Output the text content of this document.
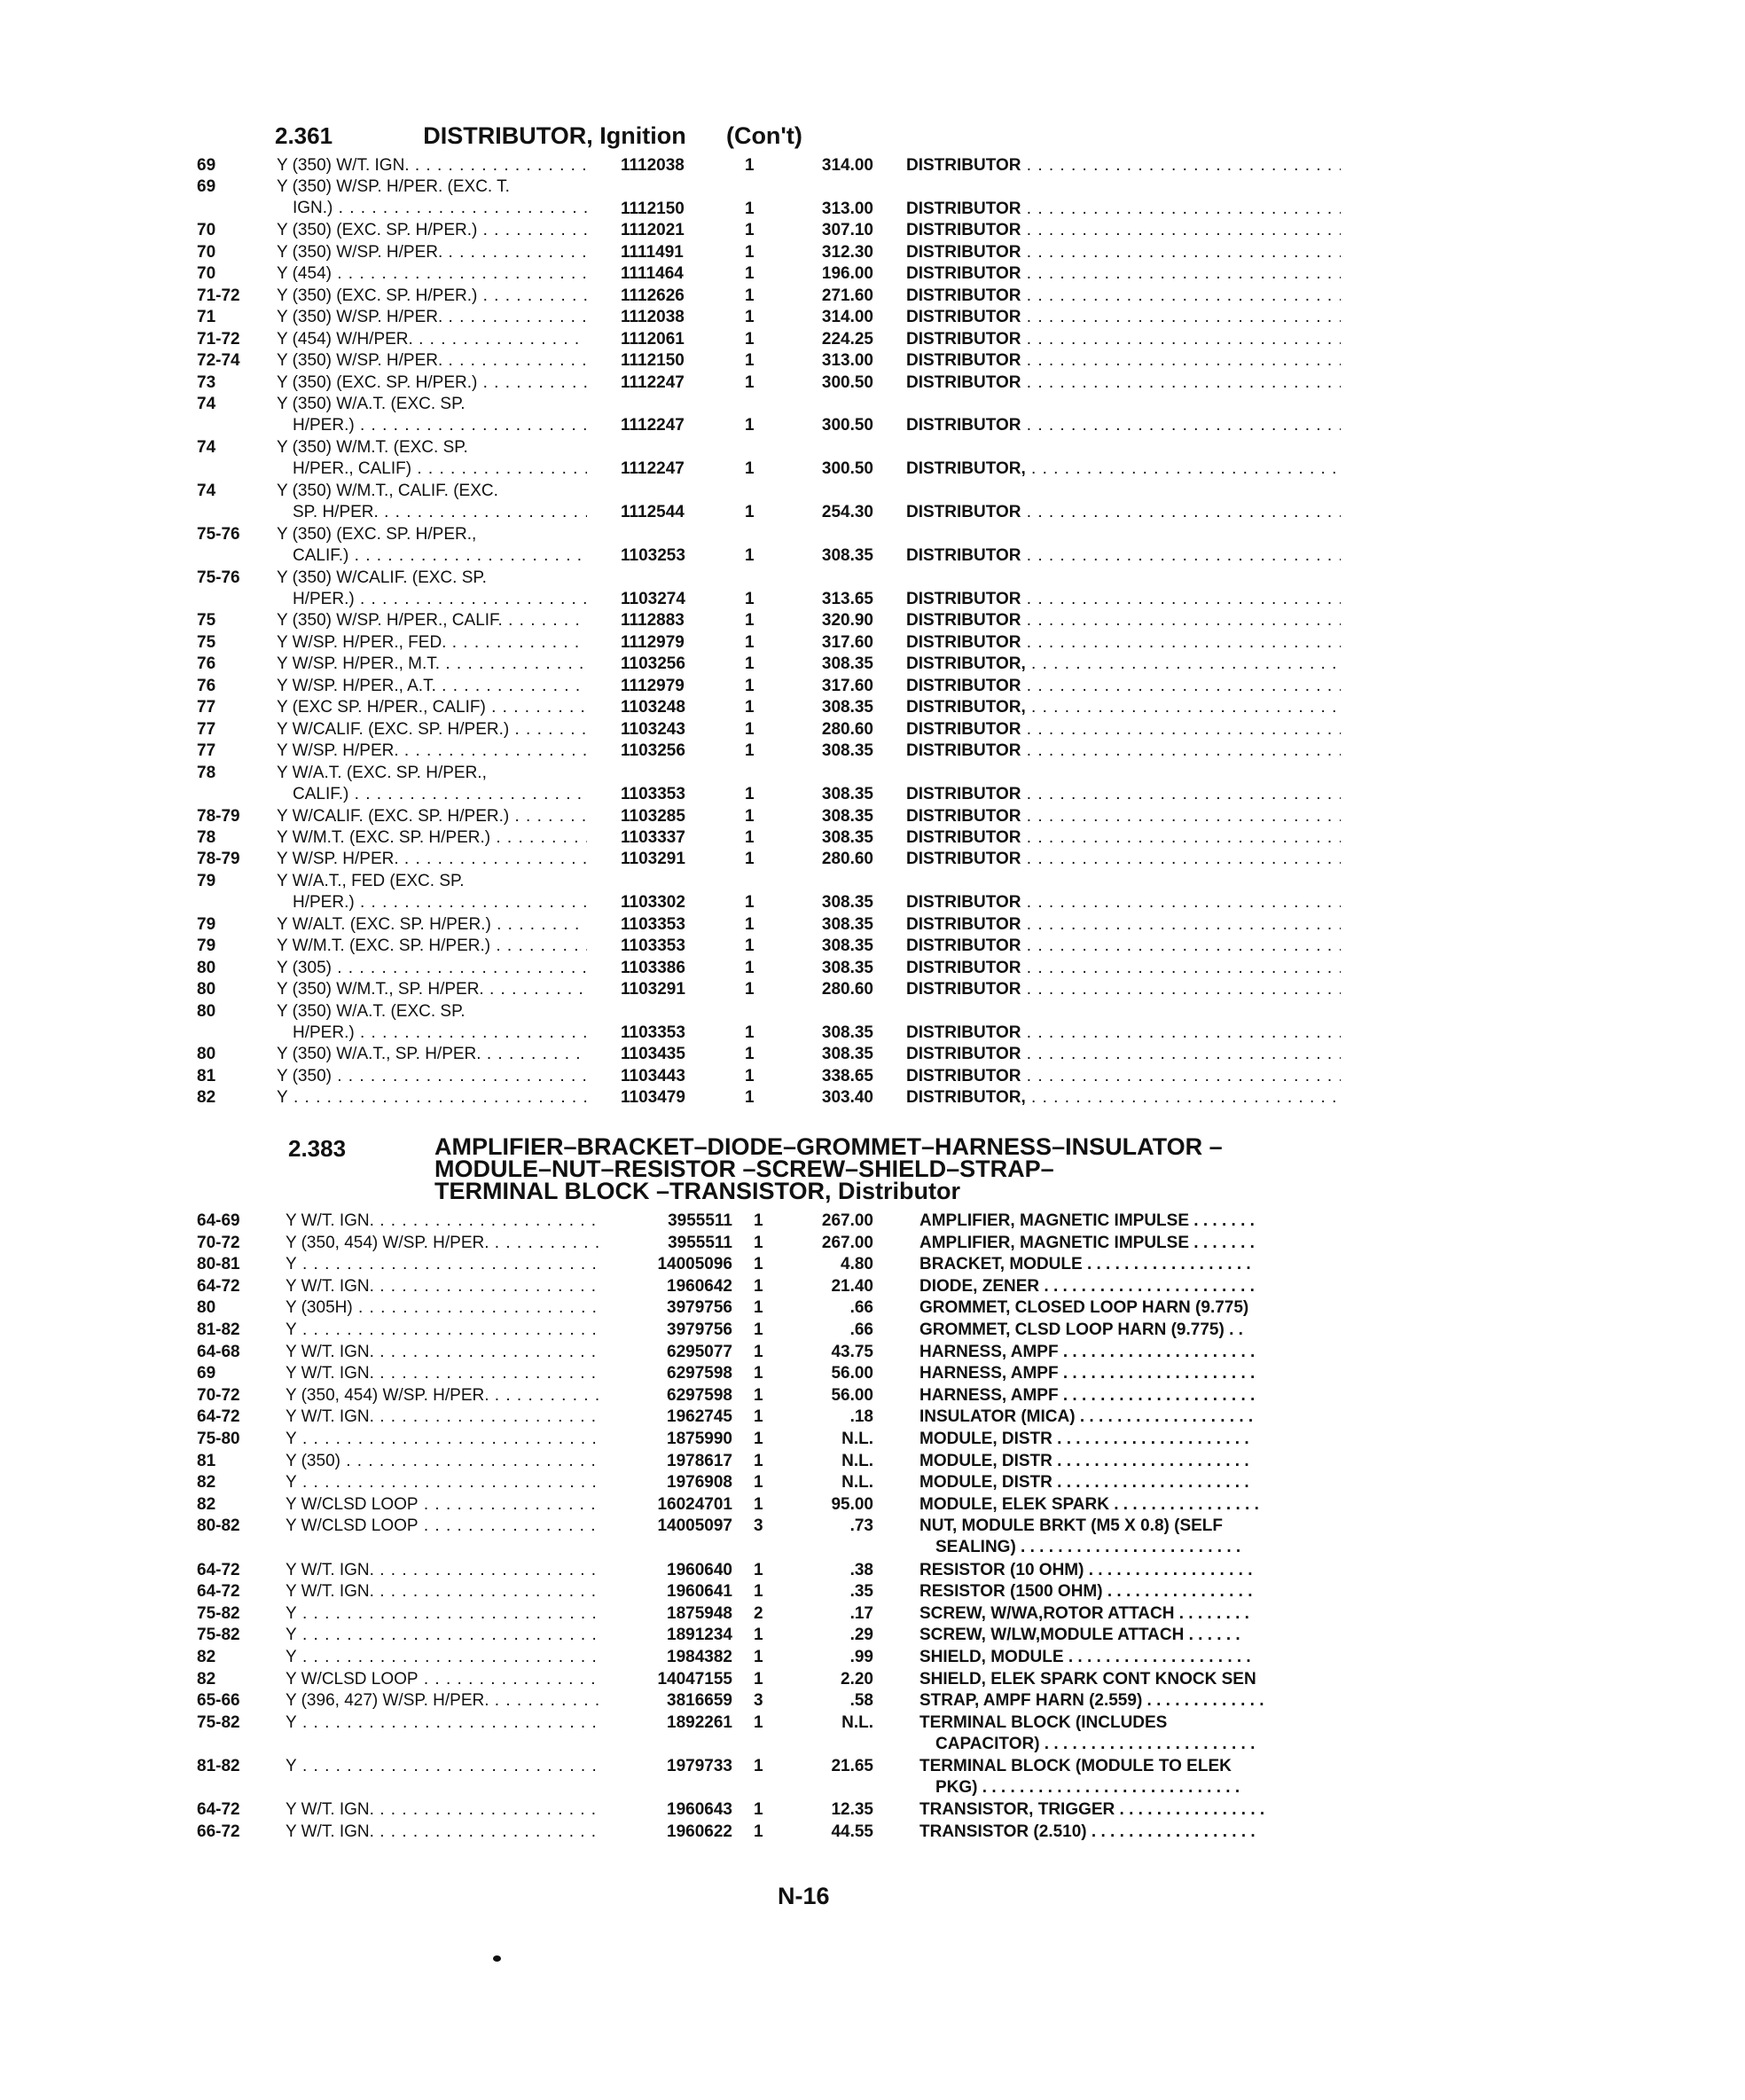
2.361	DISTRIBUTOR, Ignition (Con't)
69	Y (350) W/T. IGN. . . .	1112038	1	314.00 DISTRIBUTOR . . .
69	Y (350) W/SP. H/PER. (EXC. T.
IGN.) . . .	1112150	1	313.00 DISTRIBUTOR . . .
70	Y (350) (EXC. SP. H/PER.) . . .	1112021	1	307.10 DISTRIBUTOR . . .
70	Y (350) W/SP. H/PER. . . .	1111491	1	312.30 DISTRIBUTOR . . .
70	Y (454) . . .	1111464	1	196.00 DISTRIBUTOR . . .
71-72 Y (350) (EXC. SP. H/PER.) . . .	1112626	1	271.60 DISTRIBUTOR . . .
71	Y (350) W/SP. H/PER. . . .	1112038	1	314.00 DISTRIBUTOR . . .
71-72 Y (454) W/H/PER. . . .	1112061	1	224.25 DISTRIBUTOR . . .
72-74 Y (350) W/SP. H/PER. . . .	1112150	1	313.00 DISTRIBUTOR . . .
73	Y (350) (EXC. SP. H/PER.) . . .	1112247	1	300.50 DISTRIBUTOR . . .
74	Y (350) W/A.T. (EXC. SP.
H/PER.) . . .	1112247	1	300.50 DISTRIBUTOR . . .
74	Y (350) W/M.T. (EXC. SP.
H/PER., CALIF) . . .	1112247	1	300.50 DISTRIBUTOR, . . .
74	Y (350) W/M.T., CALIF. (EXC.
SP. H/PER. . . .	1112544	1	254.30 DISTRIBUTOR . . .
75-76 Y (350) (EXC. SP. H/PER.,
CALIF.) . . .	1103253	1	308.35 DISTRIBUTOR . . .
75-76 Y (350) W/CALIF. (EXC. SP.
H/PER.) . . .	1103274	1	313.65 DISTRIBUTOR . . .
75	Y (350) W/SP. H/PER., CALIF. . . .	1112883	1	320.90 DISTRIBUTOR . . .
75	Y W/SP. H/PER., FED. . . .	1112979	1	317.60 DISTRIBUTOR . . .
76	Y W/SP. H/PER., M.T. . . .	1103256	1	308.35 DISTRIBUTOR, . . .
76	Y W/SP. H/PER., A.T. . . .	1112979	1	317.60 DISTRIBUTOR . . .
77	Y (EXC SP. H/PER., CALIF) . . .	1103248	1	308.35 DISTRIBUTOR, . . .
77	Y W/CALIF. (EXC. SP. H/PER.) . . .	1103243	1	280.60 DISTRIBUTOR . . .
77	Y W/SP. H/PER. . . .	1103256	1	308.35 DISTRIBUTOR . . .
78	Y W/A.T. (EXC. SP. H/PER.,
CALIF.) . . .	1103353	1	308.35 DISTRIBUTOR . . .
78-79 Y W/CALIF. (EXC. SP. H/PER.) . . .	1103285	1	308.35 DISTRIBUTOR . . .
78	Y W/M.T. (EXC. SP. H/PER.) . . .	1103337	1	308.35 DISTRIBUTOR . . .
78-79 Y W/SP. H/PER. . . .	1103291	1	280.60 DISTRIBUTOR . . .
79	Y W/A.T., FED (EXC. SP.
H/PER.) . . .	1103302	1	308.35 DISTRIBUTOR . . .
79	Y W/ALT. (EXC. SP. H/PER.) . . .	1103353	1	308.35 DISTRIBUTOR . . .
79	Y W/M.T. (EXC. SP. H/PER.) . . .	1103353	1	308.35 DISTRIBUTOR . . .
80	Y (305) . . .	1103386	1	308.35 DISTRIBUTOR . . .
80	Y (350) W/M.T., SP. H/PER. . . .	1103291	1	280.60 DISTRIBUTOR . . .
80	Y (350) W/A.T. (EXC. SP.
H/PER.) . . .	1103353	1	308.35 DISTRIBUTOR . . .
80	Y (350) W/A.T., SP. H/PER. . . .	1103435	1	308.35 DISTRIBUTOR . . .
81	Y (350) . . .	1103443	1	338.65 DISTRIBUTOR . . .
82	Y . . .	1103479	1	303.40 DISTRIBUTOR, . . .
2.383	AMPLIFIER–BRACKET–DIODE–GROMMET–HARNESS–INSULATOR –
MODULE–NUT–RESISTOR –SCREW–SHIELD–STRAP–
TERMINAL BLOCK –TRANSISTOR, Distributor
64-69	Y W/T. IGN. . . .	3955511 1	267.00	AMPLIFIER, MAGNETIC IMPULSE . . . . . . .
70-72	Y (350, 454) W/SP. H/PER. . . .	3955511 1	267.00	AMPLIFIER, MAGNETIC IMPULSE . . . . . . .
80-81	Y . . .	14005096 1	4.80	BRACKET, MODULE . . . . . . . . . . . . . . . . . .
64-72	Y W/T. IGN. . . .	1960642 1	21.40	DIODE, ZENER . . . . . . . . . . . . . . . . . . . . . . .
80	Y (305H) . . .	3979756 1	.66	GROMMET, CLOSED LOOP HARN (9.775)
81-82	Y . . .	3979756 1	.66	GROMMET, CLSD LOOP HARN (9.775) . .
64-68	Y W/T. IGN. . . .	6295077 1	43.75	HARNESS, AMPF . . . . . . . . . . . . . . . . . . . . .
69	Y W/T. IGN. . . .	6297598 1	56.00	HARNESS, AMPF . . . . . . . . . . . . . . . . . . . . .
70-72	Y (350, 454) W/SP. H/PER. . . .	6297598 1	56.00	HARNESS, AMPF . . . . . . . . . . . . . . . . . . . . .
64-72	Y W/T. IGN. . . .	1962745 1	.18	INSULATOR (MICA) . . . . . . . . . . . . . . . . . . .
75-80	Y . . .	1875990 1	N.L.	MODULE, DISTR . . . . . . . . . . . . . . . . . . . . .
81	Y (350) . . .	1978617 1	N.L.	MODULE, DISTR . . . . . . . . . . . . . . . . . . . . .
82	Y . . .	1976908 1	N.L.	MODULE, DISTR . . . . . . . . . . . . . . . . . . . . .
82	Y W/CLSD LOOP . . .	16024701 1	95.00	MODULE, ELEK SPARK . . . . . . . . . . . . . . . .
80-82	Y W/CLSD LOOP . . .	14005097 3	.73	NUT, MODULE BRKT (M5 X 0.8) (SELF
SEALING) . . . . . . . . . . . . . . . . . . . . . . . .
64-72	Y W/T. IGN. . . .	1960640 1	.38	RESISTOR (10 OHM) . . . . . . . . . . . . . . . . . .
64-72	Y W/T. IGN. . . .	1960641 1	.35	RESISTOR (1500 OHM) . . . . . . . . . . . . . . . .
75-82	Y . . .	1875948 2	.17	SCREW, W/WA,ROTOR ATTACH . . . . . . . .
75-82	Y . . .	1891234 1	.29	SCREW, W/LW,MODULE ATTACH . . . . . .
82	Y . . .	1984382 1	.99	SHIELD, MODULE . . . . . . . . . . . . . . . . . . . .
82	Y W/CLSD LOOP . . .	14047155 1	2.20	SHIELD, ELEK SPARK CONT KNOCK SEN
65-66	Y (396, 427) W/SP. H/PER. . . .	3816659 3	.58	STRAP, AMPF HARN (2.559) . . . . . . . . . . . . .
75-82	Y . . .	1892261 1	N.L.	TERMINAL BLOCK (INCLUDES
CAPACITOR) . . . . . . . . . . . . . . . . . . . . . . .
81-82	Y . . .	1979733 1	21.65	TERMINAL BLOCK (MODULE TO ELEK
PKG) . . . . . . . . . . . . . . . . . . . . . . . . . . . .
64-72	Y W/T. IGN. . . .	1960643 1	12.35	TRANSISTOR, TRIGGER . . . . . . . . . . . . . . . .
66-72	Y W/T. IGN. . . .	1960622 1	44.55	TRANSISTOR (2.510) . . . . . . . . . . . . . . . . . .
N-16
